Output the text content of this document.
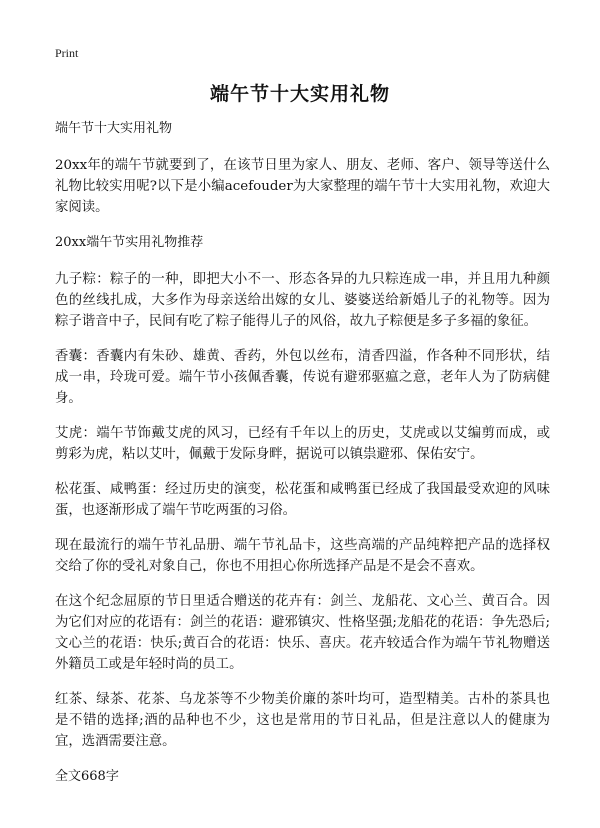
Print
端午节十大实用礼物

端午节十大实用礼物

20xx年的端午节就要到了，在该节日里为家人、朋友、老师、客户、领导等送什么礼物比较实用呢?以下是小编acefouder为大家整理的端午节十大实用礼物，欢迎大家阅读。

20xx端午节实用礼物推荐

九子粽：粽子的一种，即把大小不一、形态各异的九只粽连成一串，并且用九种颜色的丝线扎成，大多作为母亲送给出嫁的女儿、婆婆送给新婚儿子的礼物等。因为粽子谐音中子，民间有吃了粽子能得儿子的风俗，故九子粽便是多子多福的象征。

香囊：香囊内有朱砂、雄黄、香药，外包以丝布，清香四溢，作各种不同形状，结成一串，玲珑可爱。端午节小孩佩香囊，传说有避邪驱瘟之意，老年人为了防病健身。

艾虎：端午节饰戴艾虎的风习，已经有千年以上的历史，艾虎或以艾编剪而成，或剪彩为虎，粘以艾叶，佩戴于发际身畔，据说可以镇祟避邪、保佑安宁。

松花蛋、咸鸭蛋：经过历史的演变，松花蛋和咸鸭蛋已经成了我国最受欢迎的风味蛋，也逐渐形成了端午节吃两蛋的习俗。

现在最流行的端午节礼品册、端午节礼品卡，这些高端的产品纯粹把产品的选择权交给了你的受礼对象自己，你也不用担心你所选择产品是不是会不喜欢。

在这个纪念屈原的节日里适合赠送的花卉有：剑兰、龙船花、文心兰、黄百合。因为它们对应的花语有：剑兰的花语：避邪镇灾、性格坚强;龙船花的花语：争先恐后;文心兰的花语：快乐;黄百合的花语：快乐、喜庆。花卉较适合作为端午节礼物赠送外籍员工或是年轻时尚的员工。

红茶、绿茶、花茶、乌龙茶等不少物美价廉的茶叶均可，造型精美。古朴的茶具也是不错的选择;酒的品种也不少，这也是常用的节日礼品，但是注意以人的健康为宜，选酒需要注意。

全文668字
